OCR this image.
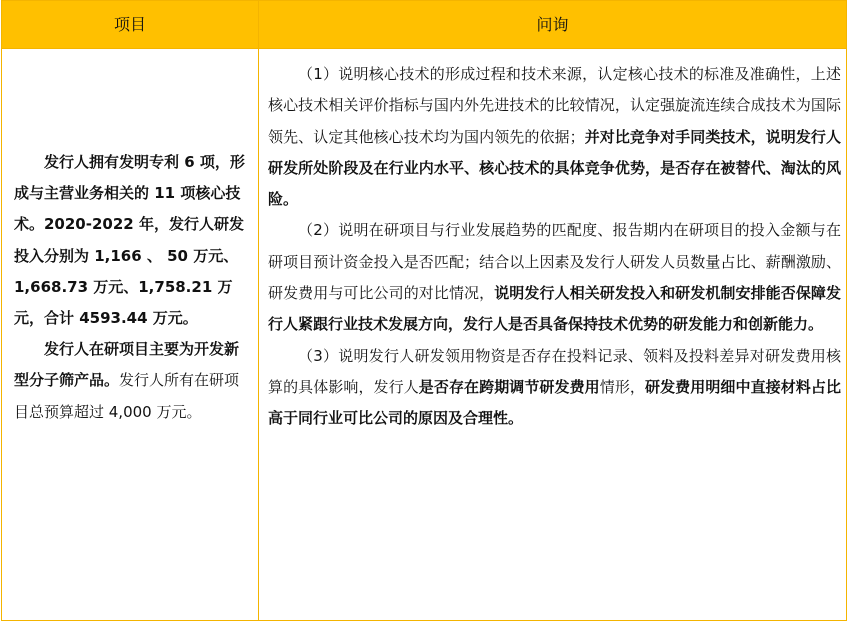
项目	问询

发行人拥有发明专利 6 项，形成与主营业务相关的 11 项核心技术。2020-2022 年，发行人研发投入分别为 1,166 、 50 万元、1,668.73 万元、1,758.21 万元，合计 4593.44 万元。

发行人在研项目主要为开发新型分子筛产品。发行人所有在研项目总预算超过 4,000 万元。

（1）说明核心技术的形成过程和技术来源，认定核心技术的标准及准确性，上述核心技术相关评价指标与国内外先进技术的比较情况，认定强旋流连续合成技术为国际领先、认定其他核心技术均为国内领先的依据；并对比竞争对手同类技术，说明发行人研发所处阶段及在行业内水平、核心技术的具体竞争优势，是否存在被替代、淘汰的风险。

（2）说明在研项目与行业发展趋势的匹配度、报告期内在研项目的投入金额与在研项目预计资金投入是否匹配；结合以上因素及发行人研发人员数量占比、薪酬激励、研发费用与可比公司的对比情况，说明发行人相关研发投入和研发机制安排能否保障发行人紧跟行业技术发展方向，发行人是否具备保持技术优势的研发能力和创新能力。

（3）说明发行人研发领用物资是否存在投料记录、领料及投料差异对研发费用核算的具体影响，发行人是否存在跨期调节研发费用情形，研发费用明细中直接材料占比高于同行业可比公司的原因及合理性。
